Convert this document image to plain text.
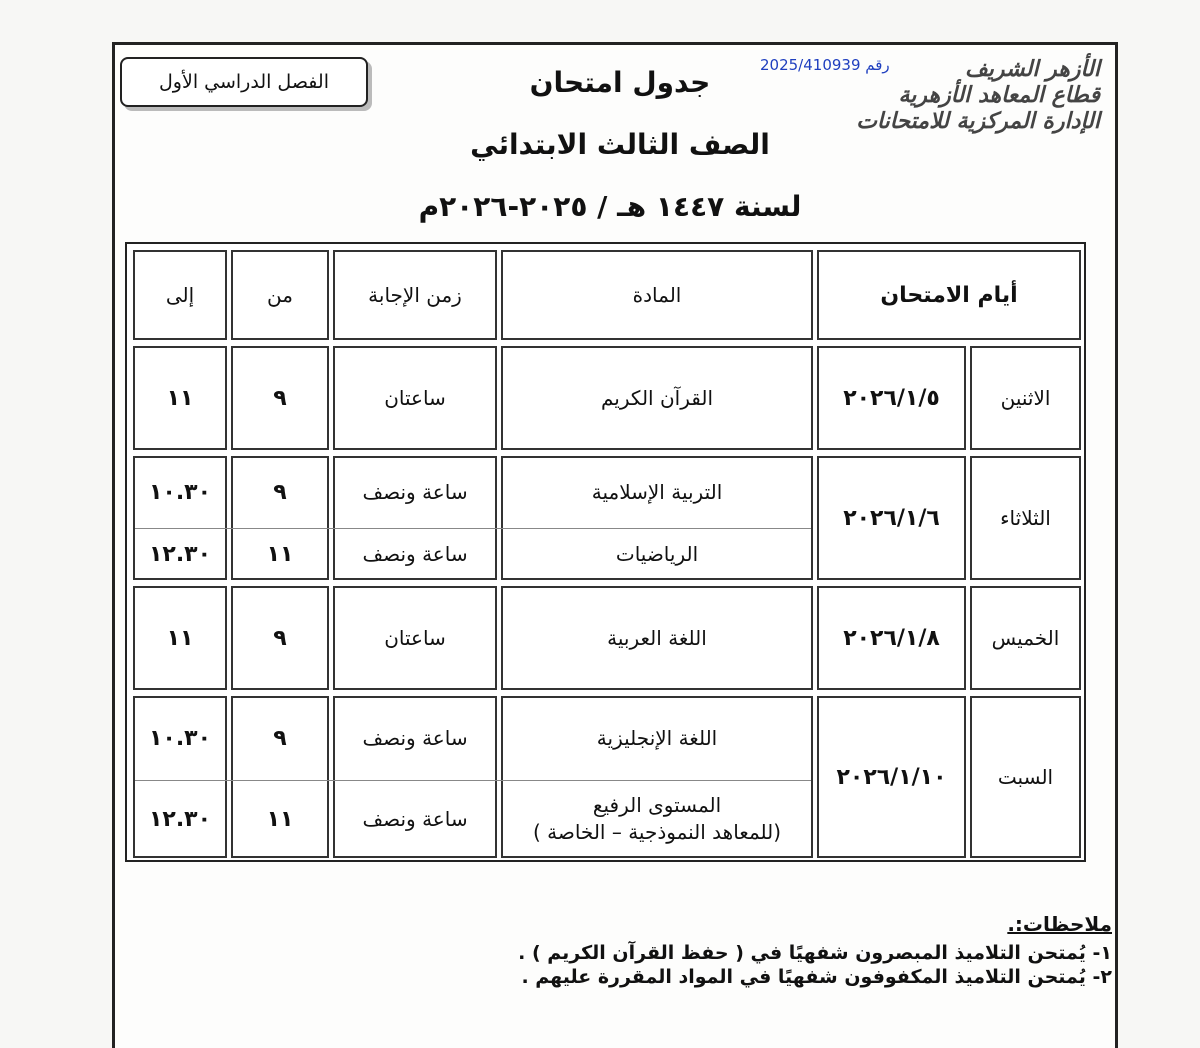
الفصل الدراسي الأول	جدول امتحان
الصف الثالث الابتدائي
لسنة ١٤٤٧ هـ / ٢٠٢٥-٢٠٢٦م
رقم 2025/410939	الأزهر الشريف
قطاع المعاهد الأزهرية
الإدارة المركزية للامتحانات
أيام الامتحان
المادة
زمن الإجابة
من
إلى
الاثنين
٢٠٢٦/١/٥
القرآن الكريم
ساعتان
٩
١١
الثلاثاء
٢٠٢٦/١/٦
التربية الإسلامية
ساعة ونصف
٩
١٠.٣٠
الرياضيات
ساعة ونصف
١١
١٢.٣٠
الخميس
٢٠٢٦/١/٨
اللغة العربية
ساعتان
٩
١١
السبت
٢٠٢٦/١/١٠
اللغة الإنجليزية
ساعة ونصف
٩
١٠.٣٠
المستوى الرفيع
(للمعاهد النموذجية – الخاصة )
ساعة ونصف
١١
١٢.٣٠
ملاحظات:.
١- يُمتحن التلاميذ المبصرون شفهيًا في ( حفظ القرآن الكريم ) .
٢- يُمتحن التلاميذ المكفوفون شفهيًا في المواد المقررة عليهم .
